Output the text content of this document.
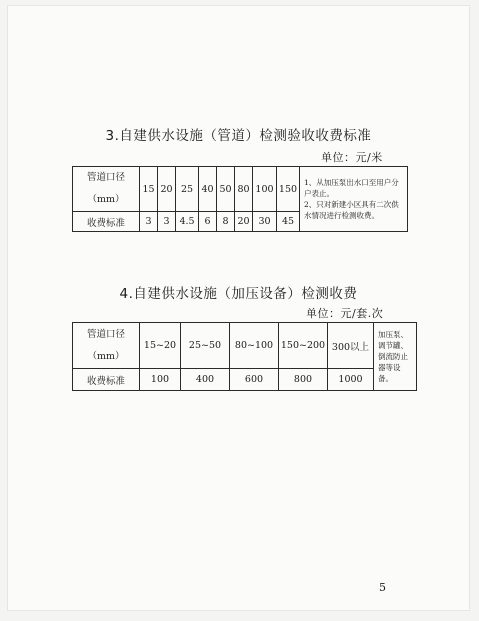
3.自建供水设施（管道）检测验收收费标准
单位：元/米
管道口径
（mm）	15	20	25	40	50	80	100	150	1、从加压泵出水口至用户分户表止。
2、只对新建小区具有二次供水情况进行检测收费。
收费标准	3	3	4.5	6	8	20	30	45	
4.自建供水设施（加压设备）检测收费
单位：元/套.次
管道口径
（mm）	15~20	25~50	80~100	150~200	300以上	加压泵、调节罐、倒流防止器等设备。
收费标准	100	400	600	800	1000	
5
